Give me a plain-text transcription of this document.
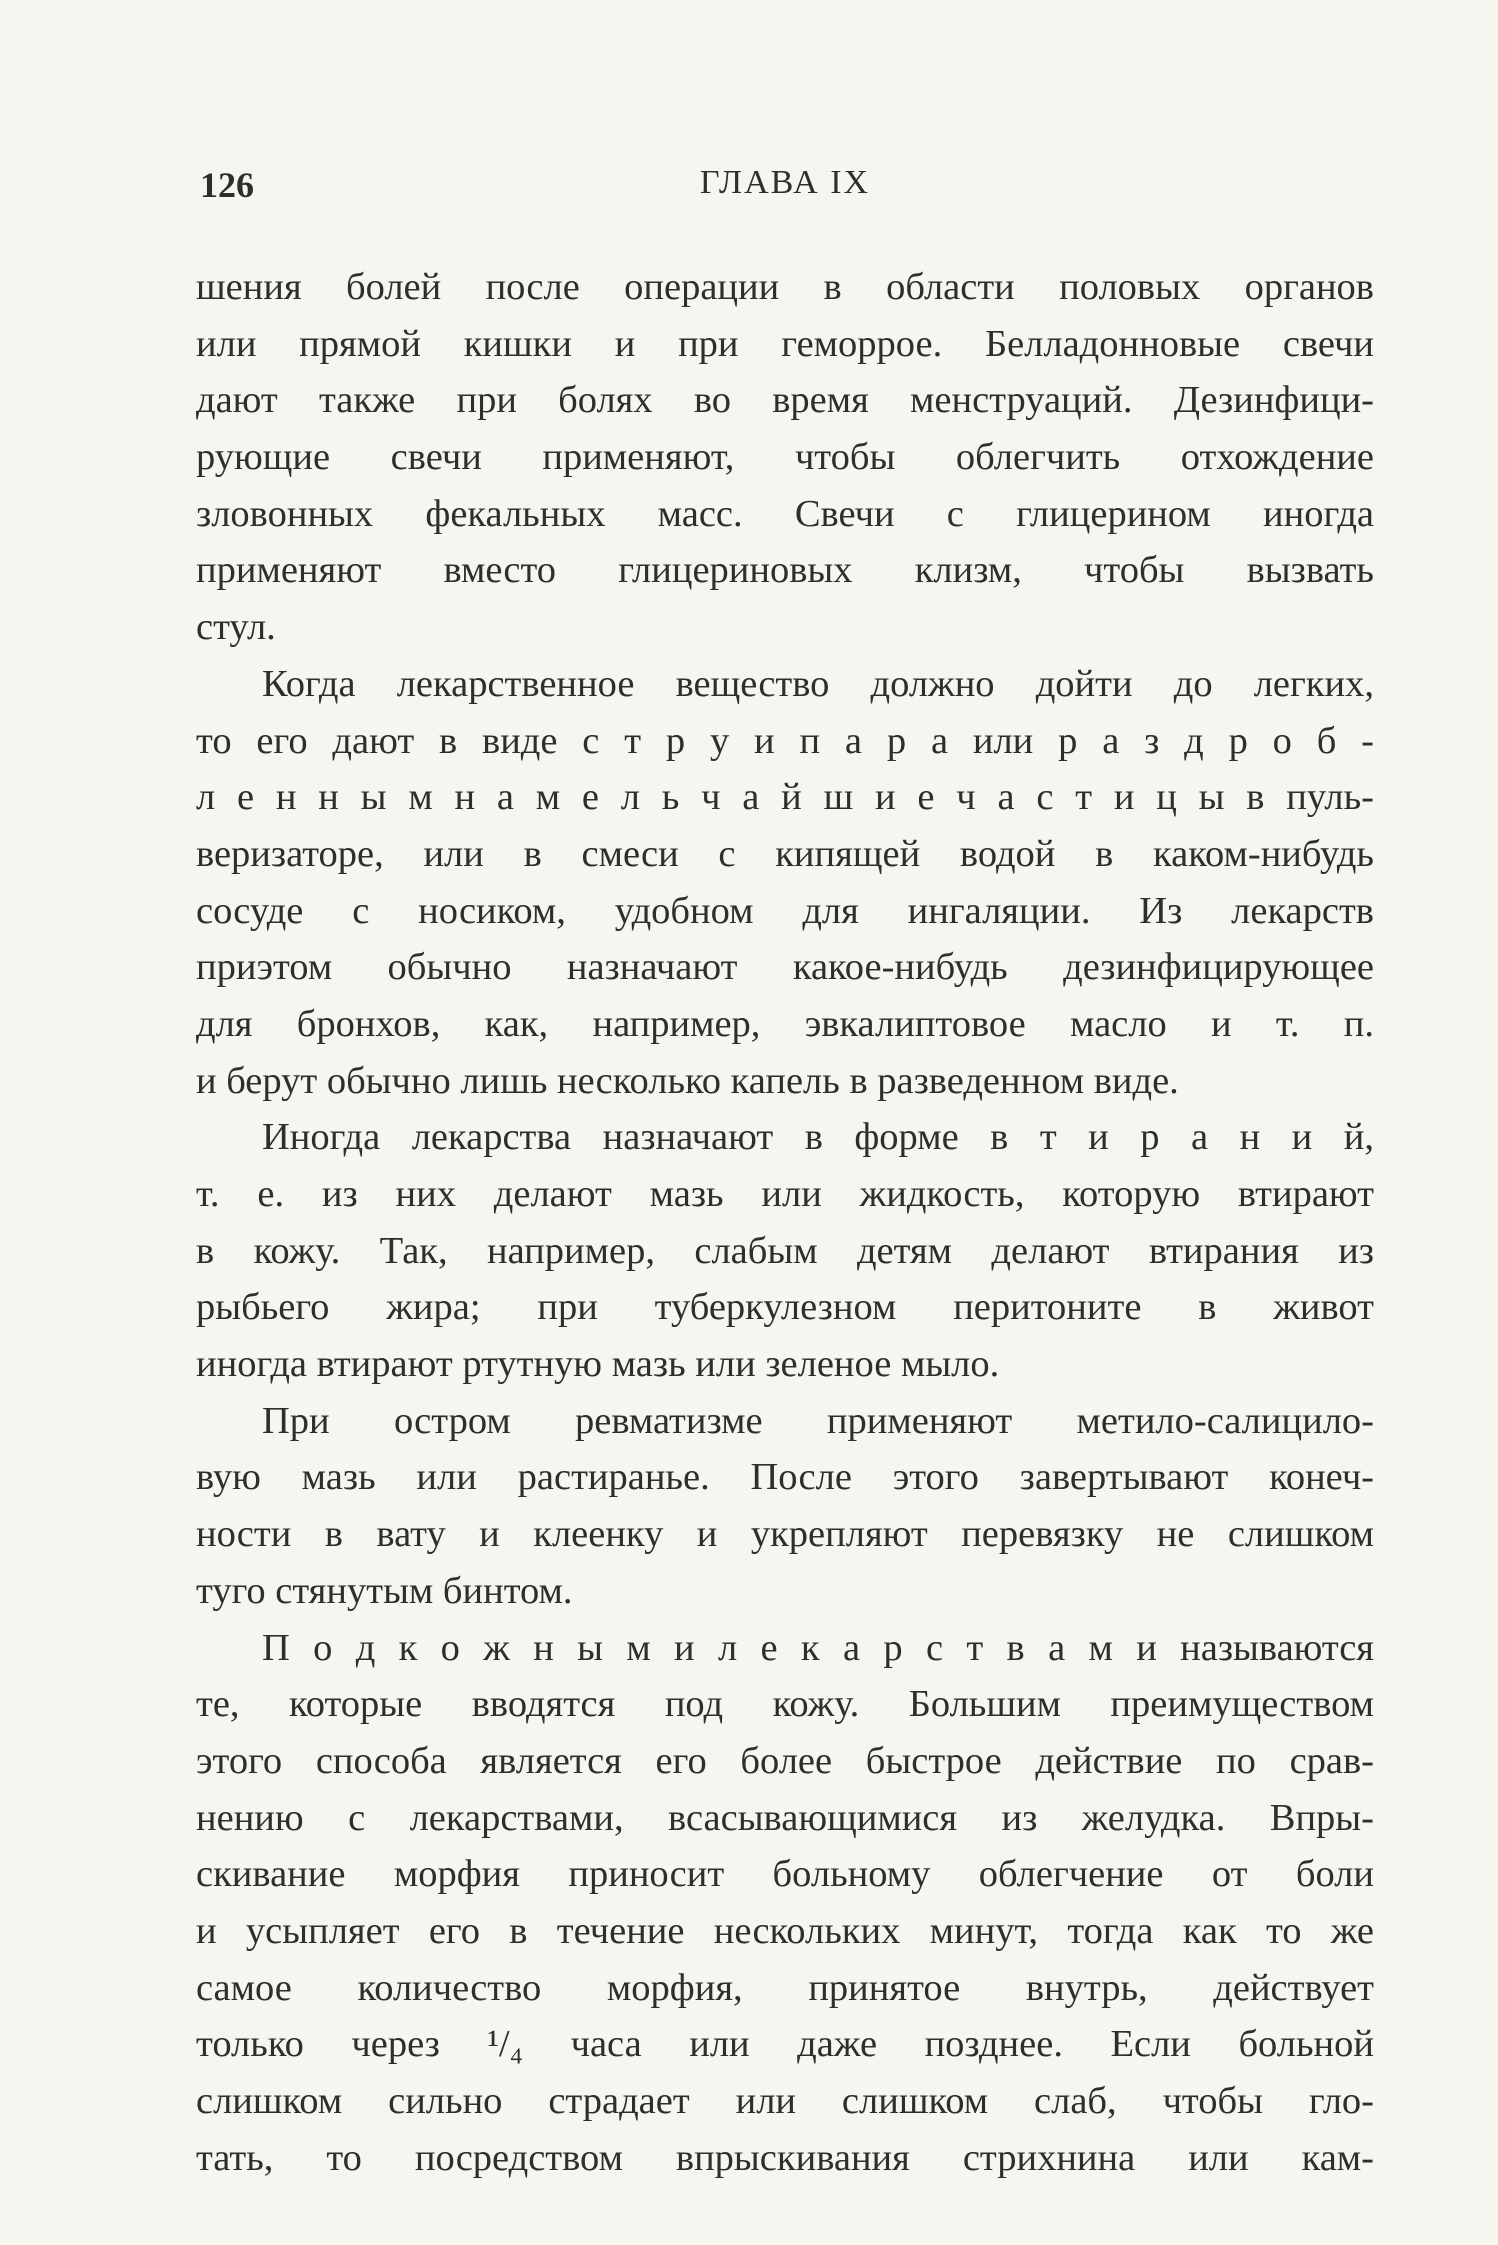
126	ГЛАВА IX
шения болей после операции в области половых органов
или прямой кишки и при геморрое. Белладонновые свечи
дают также при болях во время менструаций. Дезинфици-
рующие свечи применяют, чтобы облегчить отхождение
зловонных фекальных масс. Свечи с глицерином иногда
применяют вместо глицериновых клизм, чтобы вызвать
стул.
Когда лекарственное вещество должно дойти до легких,
то его дают в виде с т р у и п а р а или р а з д р о б -
л е н н ы м н а м е л ь ч а й ш и е ч а с т и ц ы в пуль-
веризаторе, или в смеси с кипящей водой в каком-нибудь
сосуде с носиком, удобном для ингаляции. Из лекарств
приэтом обычно назначают какое-нибудь дезинфицирующее
для бронхов, как, например, эвкалиптовое масло и т. п.
и берут обычно лишь несколько капель в разведенном виде.
Иногда лекарства назначают в форме в т и р а н и й,
т. е. из них делают мазь или жидкость, которую втирают
в кожу. Так, например, слабым детям делают втирания из
рыбьего жира; при туберкулезном перитоните в живот
иногда втирают ртутную мазь или зеленое мыло.
При остром ревматизме применяют метило-салицило-
вую мазь или растиранье. После этого завертывают конеч-
ности в вату и клеенку и укрепляют перевязку не слишком
туго стянутым бинтом.
П о д к о ж н ы м и л е к а р с т в а м и называются
те, которые вводятся под кожу. Большим преимуществом
этого способа является его более быстрое действие по срав-
нению с лекарствами, всасывающимися из желудка. Впры-
скивание морфия приносит больному облегчение от боли
и усыпляет его в течение нескольких минут, тогда как то же
самое количество морфия, принятое внутрь, действует
только через ¹/₄ часа или даже позднее. Если больной
слишком сильно страдает или слишком слаб, чтобы гло-
тать, то посредством впрыскивания стрихнина или кам-
